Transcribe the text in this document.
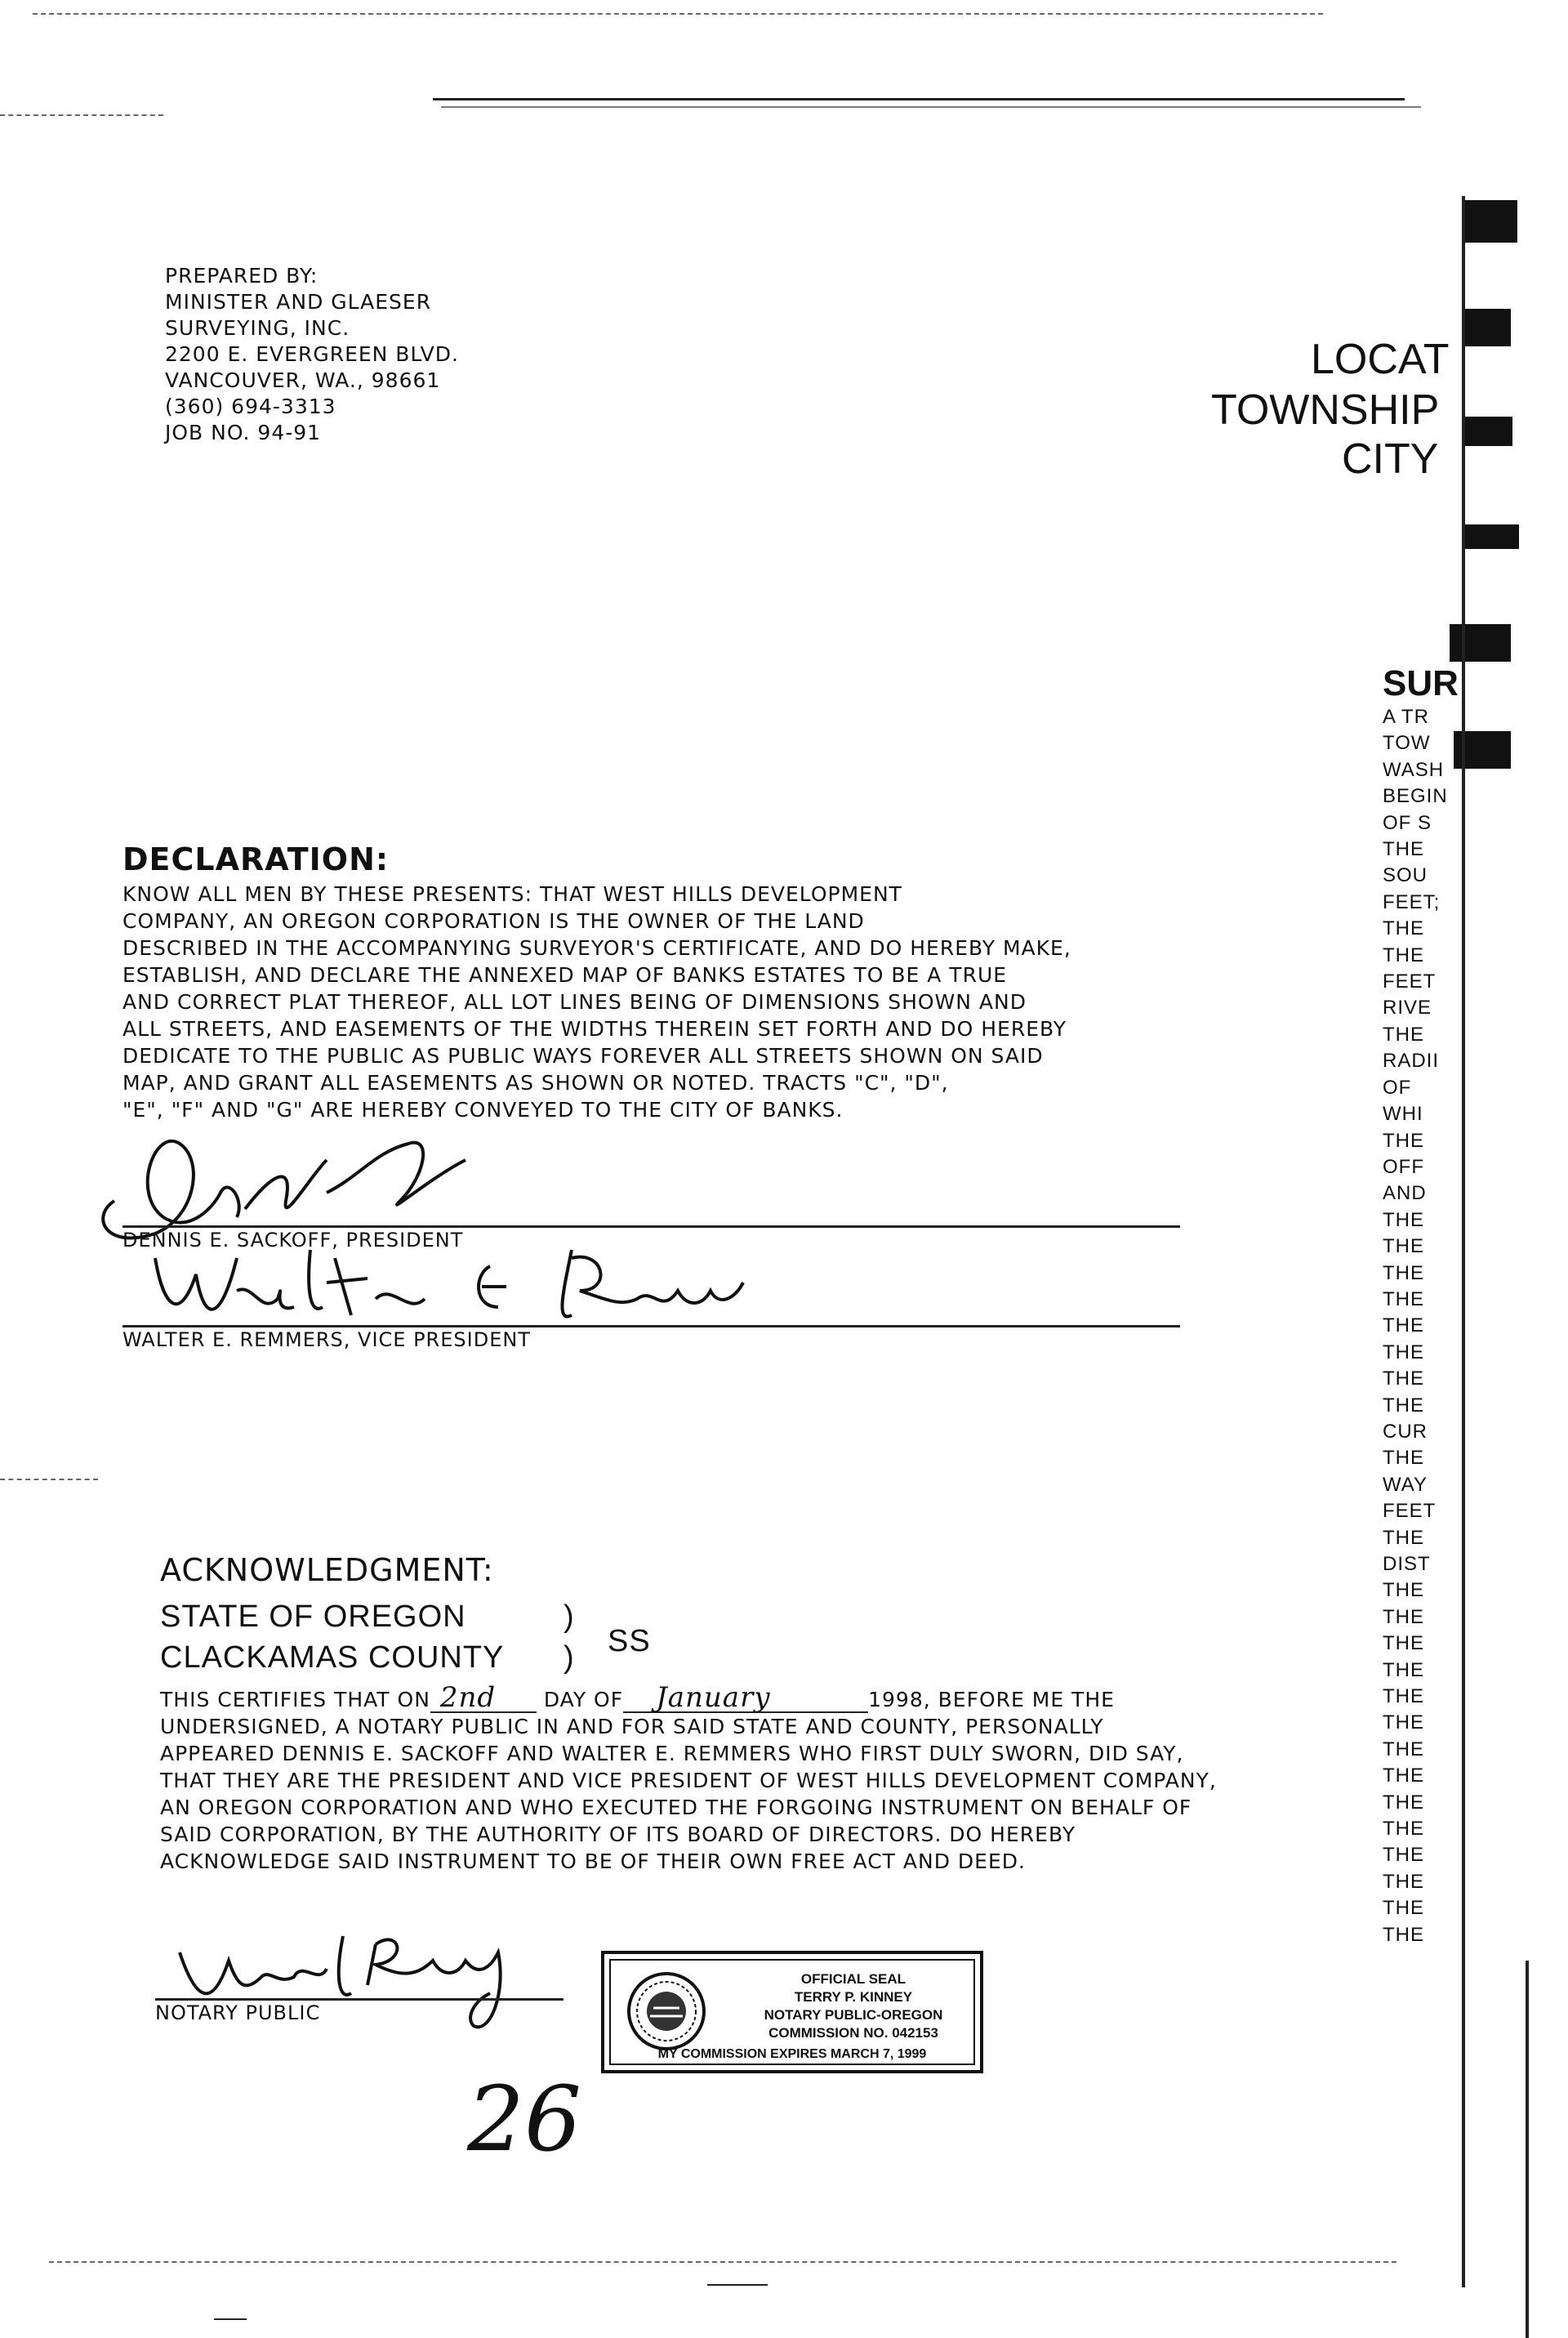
PREPARED BY:
MINISTER AND GLAESER
SURVEYING, INC.
2200 E. EVERGREEN BLVD.
VANCOUVER, WA., 98661
(360) 694-3313
JOB NO. 94-91
LOCAT
TOWNSHIP
CITY
SUR
A TR
TOW
WASH
BEGIN
OF S
THE
SOU
FEET;
THE
THE
FEET
RIVE
THE
RADII
OF
WHI
THE
OFF
AND
THE
THE
THE
THE
THE
THE
THE
THE
CUR
THE
WAY
FEET
THE
DIST
THE
THE
THE
THE
THE
THE
THE
THE
THE
THE
THE
THE
THE
THE
DECLARATION:
KNOW ALL MEN BY THESE PRESENTS: THAT WEST HILLS DEVELOPMENT
COMPANY, AN OREGON CORPORATION IS THE OWNER OF THE LAND
DESCRIBED IN THE ACCOMPANYING SURVEYOR'S CERTIFICATE, AND DO HEREBY MAKE,
ESTABLISH, AND DECLARE THE ANNEXED MAP OF BANKS ESTATES TO BE A TRUE
AND CORRECT PLAT THEREOF, ALL LOT LINES BEING OF DIMENSIONS SHOWN AND
ALL STREETS, AND EASEMENTS OF THE WIDTHS THEREIN SET FORTH AND DO HEREBY
DEDICATE TO THE PUBLIC AS PUBLIC WAYS FOREVER ALL STREETS SHOWN ON SAID
MAP, AND GRANT ALL EASEMENTS AS SHOWN OR NOTED. TRACTS "C", "D",
"E", "F" AND "G" ARE HEREBY CONVEYED TO THE CITY OF BANKS.
DENNIS E. SACKOFF, PRESIDENT
WALTER E. REMMERS, VICE PRESIDENT
ACKNOWLEDGMENT:
STATE OF OREGON
CLACKAMAS COUNTY
)
) SS
THIS CERTIFIES THAT ON 2nd DAY OF January	1998, BEFORE ME THE
UNDERSIGNED, A NOTARY PUBLIC IN AND FOR SAID STATE AND COUNTY, PERSONALLY
APPEARED DENNIS E. SACKOFF AND WALTER E. REMMERS WHO FIRST DULY SWORN, DID SAY,
THAT THEY ARE THE PRESIDENT AND VICE PRESIDENT OF WEST HILLS DEVELOPMENT COMPANY,
AN OREGON CORPORATION AND WHO EXECUTED THE FORGOING INSTRUMENT ON BEHALF OF
SAID CORPORATION, BY THE AUTHORITY OF ITS BOARD OF DIRECTORS. DO HEREBY
ACKNOWLEDGE SAID INSTRUMENT TO BE OF THEIR OWN FREE ACT AND DEED.
NOTARY PUBLIC
OFFICIAL SEAL
TERRY P. KINNEY
NOTARY PUBLIC-OREGON
COMMISSION NO. 042153
MY COMMISSION EXPIRES MARCH 7, 1999
26
